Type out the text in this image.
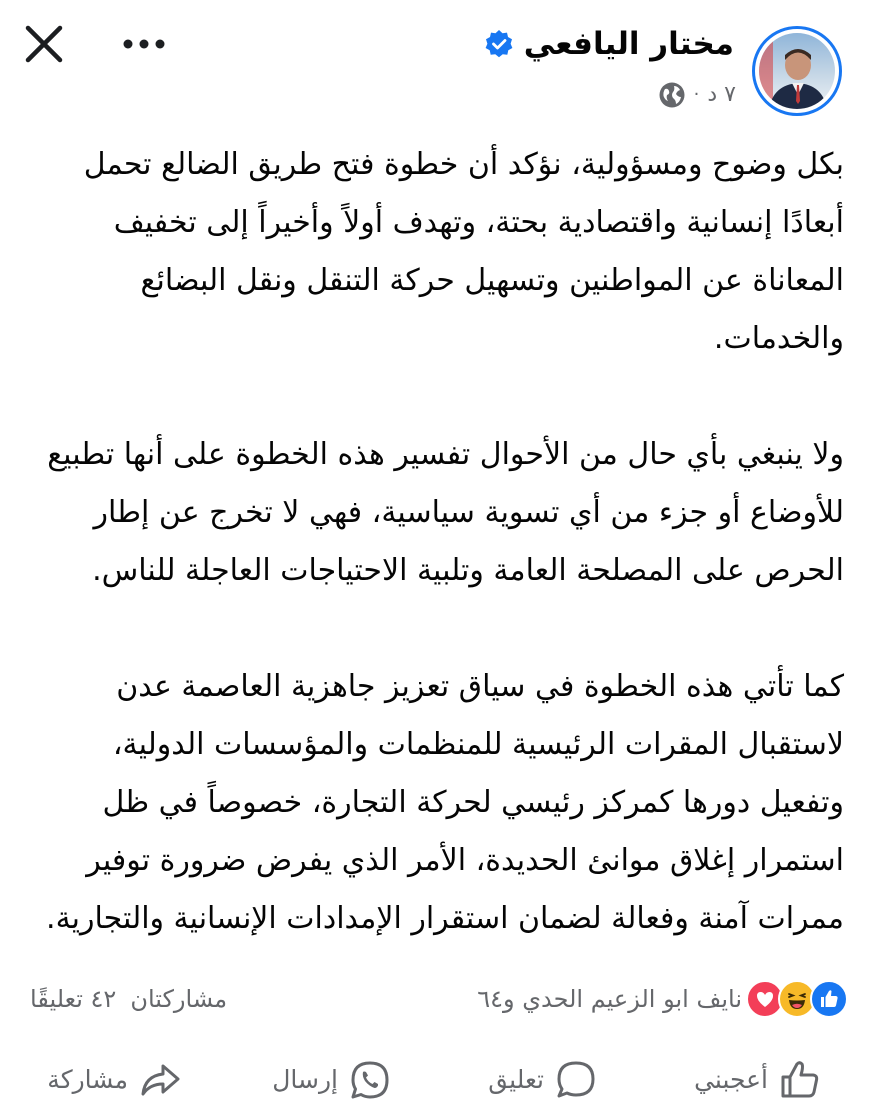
مختار اليافعي
٧ د
·

بكل وضوح ومسؤولية، نؤكد أن خطوة فتح طريق الضالع تحمل أبعادًا إنسانية واقتصادية بحتة، وتهدف أولاً وأخيراً إلى تخفيف المعاناة عن المواطنين وتسهيل حركة التنقل ونقل البضائع والخدمات.

ولا ينبغي بأي حال من الأحوال تفسير هذه الخطوة على أنها تطبيع للأوضاع أو جزء من أي تسوية سياسية، فهي لا تخرج عن إطار الحرص على المصلحة العامة وتلبية الاحتياجات العاجلة للناس.

كما تأتي هذه الخطوة في سياق تعزيز جاهزية العاصمة عدن لاستقبال المقرات الرئيسية للمنظمات والمؤسسات الدولية، وتفعيل دورها كمركز رئيسي لحركة التجارة، خصوصاً في ظل استمرار إغلاق موانئ الحديدة، الأمر الذي يفرض ضرورة توفير ممرات آمنة وفعالة لضمان استقرار الإمدادات الإنسانية والتجارية.

نايف ابو الزعيم الحدي و٦٤
٤٢ تعليقًا مشاركتان
أعجبني
تعليق
إرسال
مشاركة
